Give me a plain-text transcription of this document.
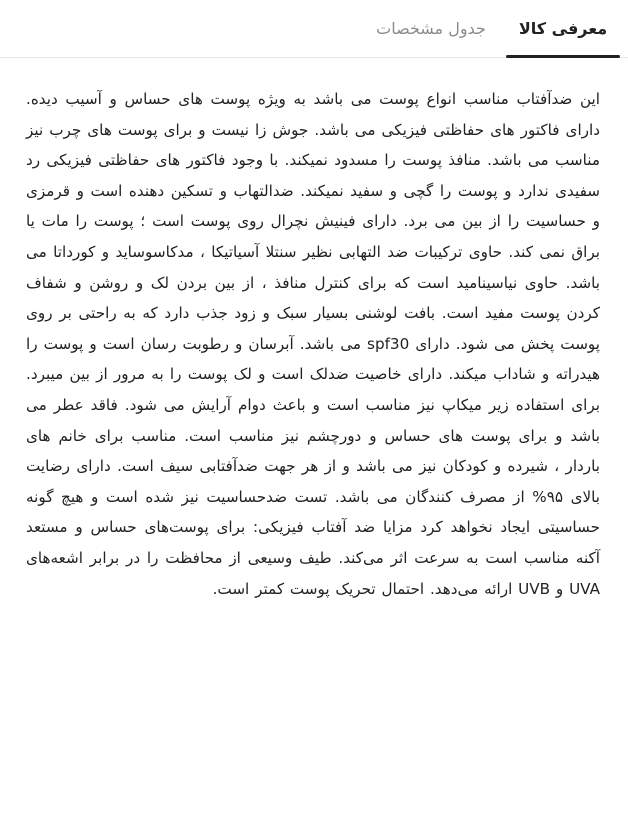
معرفی کالا
جدول مشخصات

این ضدآفتاب مناسب انواع پوست می باشد به ویژه پوست های حساس و آسیب دیده. دارای فاکتور های حفاظتی فیزیکی می باشد. جوش زا نیست و برای پوست های چرب نیز مناسب می باشد. منافذ پوست را مسدود نمیکند. با وجود فاکتور های حفاظتی فیزیکی رد سفیدی ندارد و پوست را گچی و سفید نمیکند. ضدالتهاب و تسکین دهنده است و قرمزی و حساسیت را از بین می برد. دارای فینیش نچرال روی پوست است ؛ پوست را مات یا براق نمی کند. حاوی ترکیبات ضد التهابی نظیر سنتلا آسیاتیکا ، مدکاسوساید و کورداتا می باشد. حاوی نیاسینامید است که برای کنترل منافذ ، از بین بردن لک و روشن و شفاف کردن پوست مفید است. بافت لوشنی بسیار سبک و زود جذب دارد که به راحتی بر روی پوست پخش می شود. دارای spf30 می باشد. آبرسان و رطوبت رسان است و پوست را هیدراته و شاداب میکند. دارای خاصیت ضدلک است و لک پوست را به مرور از بین میبرد. برای استفاده زیر میکاپ نیز مناسب است و باعث دوام آرایش می شود. فاقد عطر می باشد و برای پوست های حساس و دورچشم نیز مناسب است. مناسب برای خانم های باردار ، شیرده و کودکان نیز می باشد و از هر جهت ضدآفتابی سیف است. دارای رضایت بالای ۹۵% از مصرف کنندگان می باشد. تست ضدحساسیت نیز شده است و هیچ گونه حساسیتی ایجاد نخواهد کرد مزایا ضد آفتاب فیزیکی: برای پوست‌های حساس و مستعد آکنه مناسب است به سرعت اثر می‌کند. طیف وسیعی از محافظت را در برابر اشعه‌های UVA و UVB ارائه می‌دهد. احتمال تحریک پوست کمتر است.
